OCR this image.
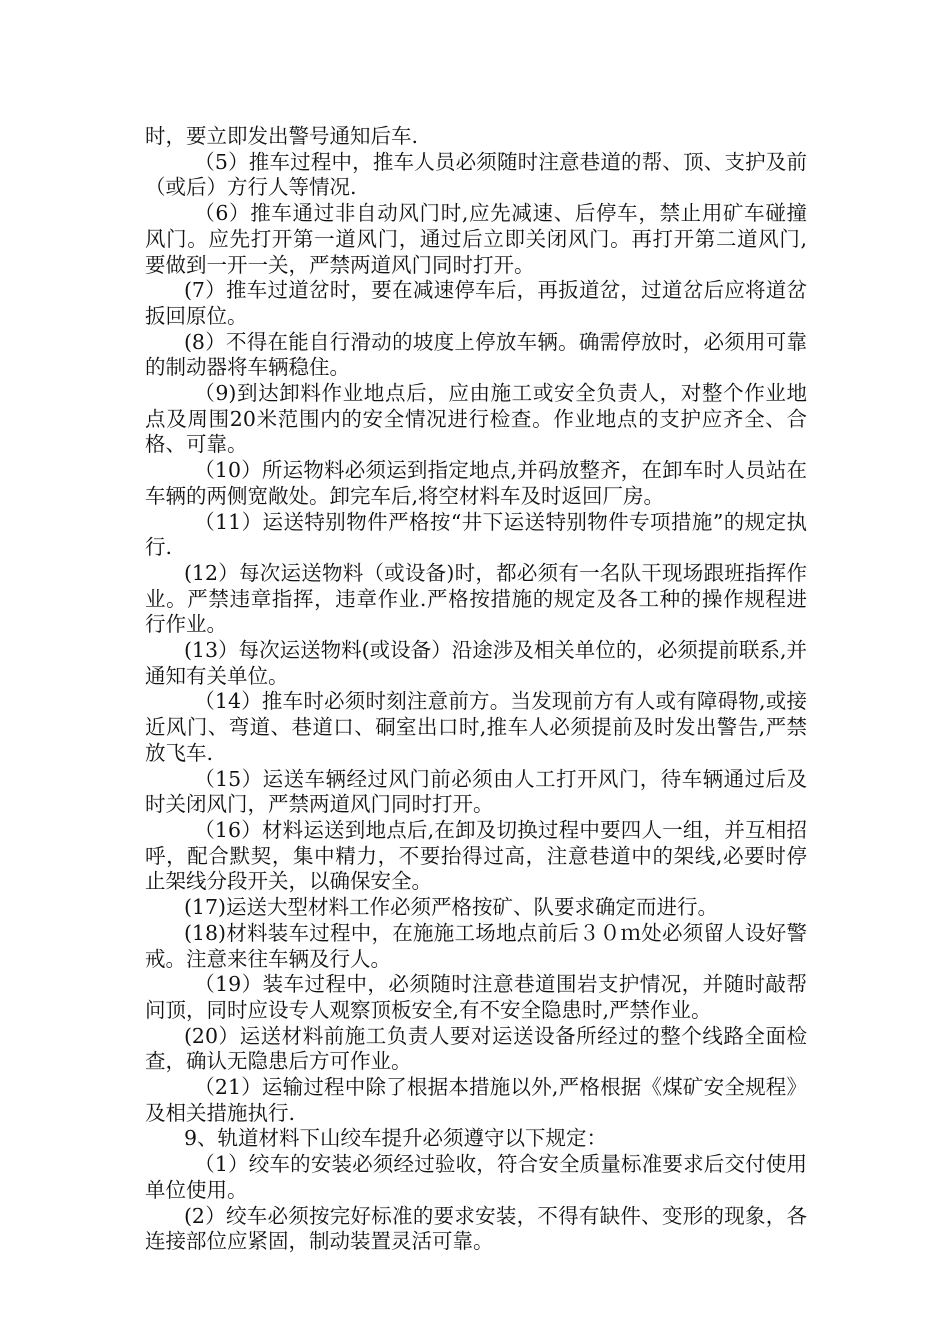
时，要立即发出警号通知后车.

（5）推车过程中，推车人员必须随时注意巷道的帮、顶、支护及前（或后）方行人等情况.

（6）推车通过非自动风门时,应先减速、后停车，禁止用矿车碰撞风门。应先打开第一道风门，通过后立即关闭风门。再打开第二道风门,要做到一开一关，严禁两道风门同时打开。

(7）推车过道岔时，要在减速停车后，再扳道岔，过道岔后应将道岔扳回原位。

(8）不得在能自行滑动的坡度上停放车辆。确需停放时，必须用可靠的制动器将车辆稳住。

（9)到达卸料作业地点后，应由施工或安全负责人，对整个作业地点及周围20米范围内的安全情况进行检查。作业地点的支护应齐全、合格、可靠。

（10）所运物料必须运到指定地点,并码放整齐，在卸车时人员站在车辆的两侧宽敞处。卸完车后,将空材料车及时返回厂房。

（11）运送特别物件严格按“井下运送特别物件专项措施”的规定执行.

(12）每次运送物料（或设备)时，都必须有一名队干现场跟班指挥作业。严禁违章指挥，违章作业.严格按措施的规定及各工种的操作规程进行作业。

(13）每次运送物料(或设备）沿途涉及相关单位的，必须提前联系,并通知有关单位。

（14）推车时必须时刻注意前方。当发现前方有人或有障碍物,或接近风门、弯道、巷道口、硐室出口时,推车人必须提前及时发出警告,严禁放飞车.

（15）运送车辆经过风门前必须由人工打开风门，待车辆通过后及时关闭风门，严禁两道风门同时打开。

（16）材料运送到地点后,在卸及切换过程中要四人一组，并互相招呼，配合默契，集中精力，不要抬得过高，注意巷道中的架线,必要时停止架线分段开关，以确保安全。

(17)运送大型材料工作必须严格按矿、队要求确定而进行。

(18)材料装车过程中，在施施工场地点前后３０ｍ处必须留人设好警戒。注意来往车辆及行人。

（19）装车过程中，必须随时注意巷道围岩支护情况，并随时敲帮问顶，同时应设专人观察顶板安全,有不安全隐患时,严禁作业。

(20）运送材料前施工负责人要对运送设备所经过的整个线路全面检查，确认无隐患后方可作业。

（21）运输过程中除了根据本措施以外,严格根据《煤矿安全规程》及相关措施执行.

9、轨道材料下山绞车提升必须遵守以下规定：

（1）绞车的安装必须经过验收，符合安全质量标准要求后交付使用单位使用。

(2）绞车必须按完好标准的要求安装，不得有缺件、变形的现象，各连接部位应紧固，制动装置灵活可靠。
